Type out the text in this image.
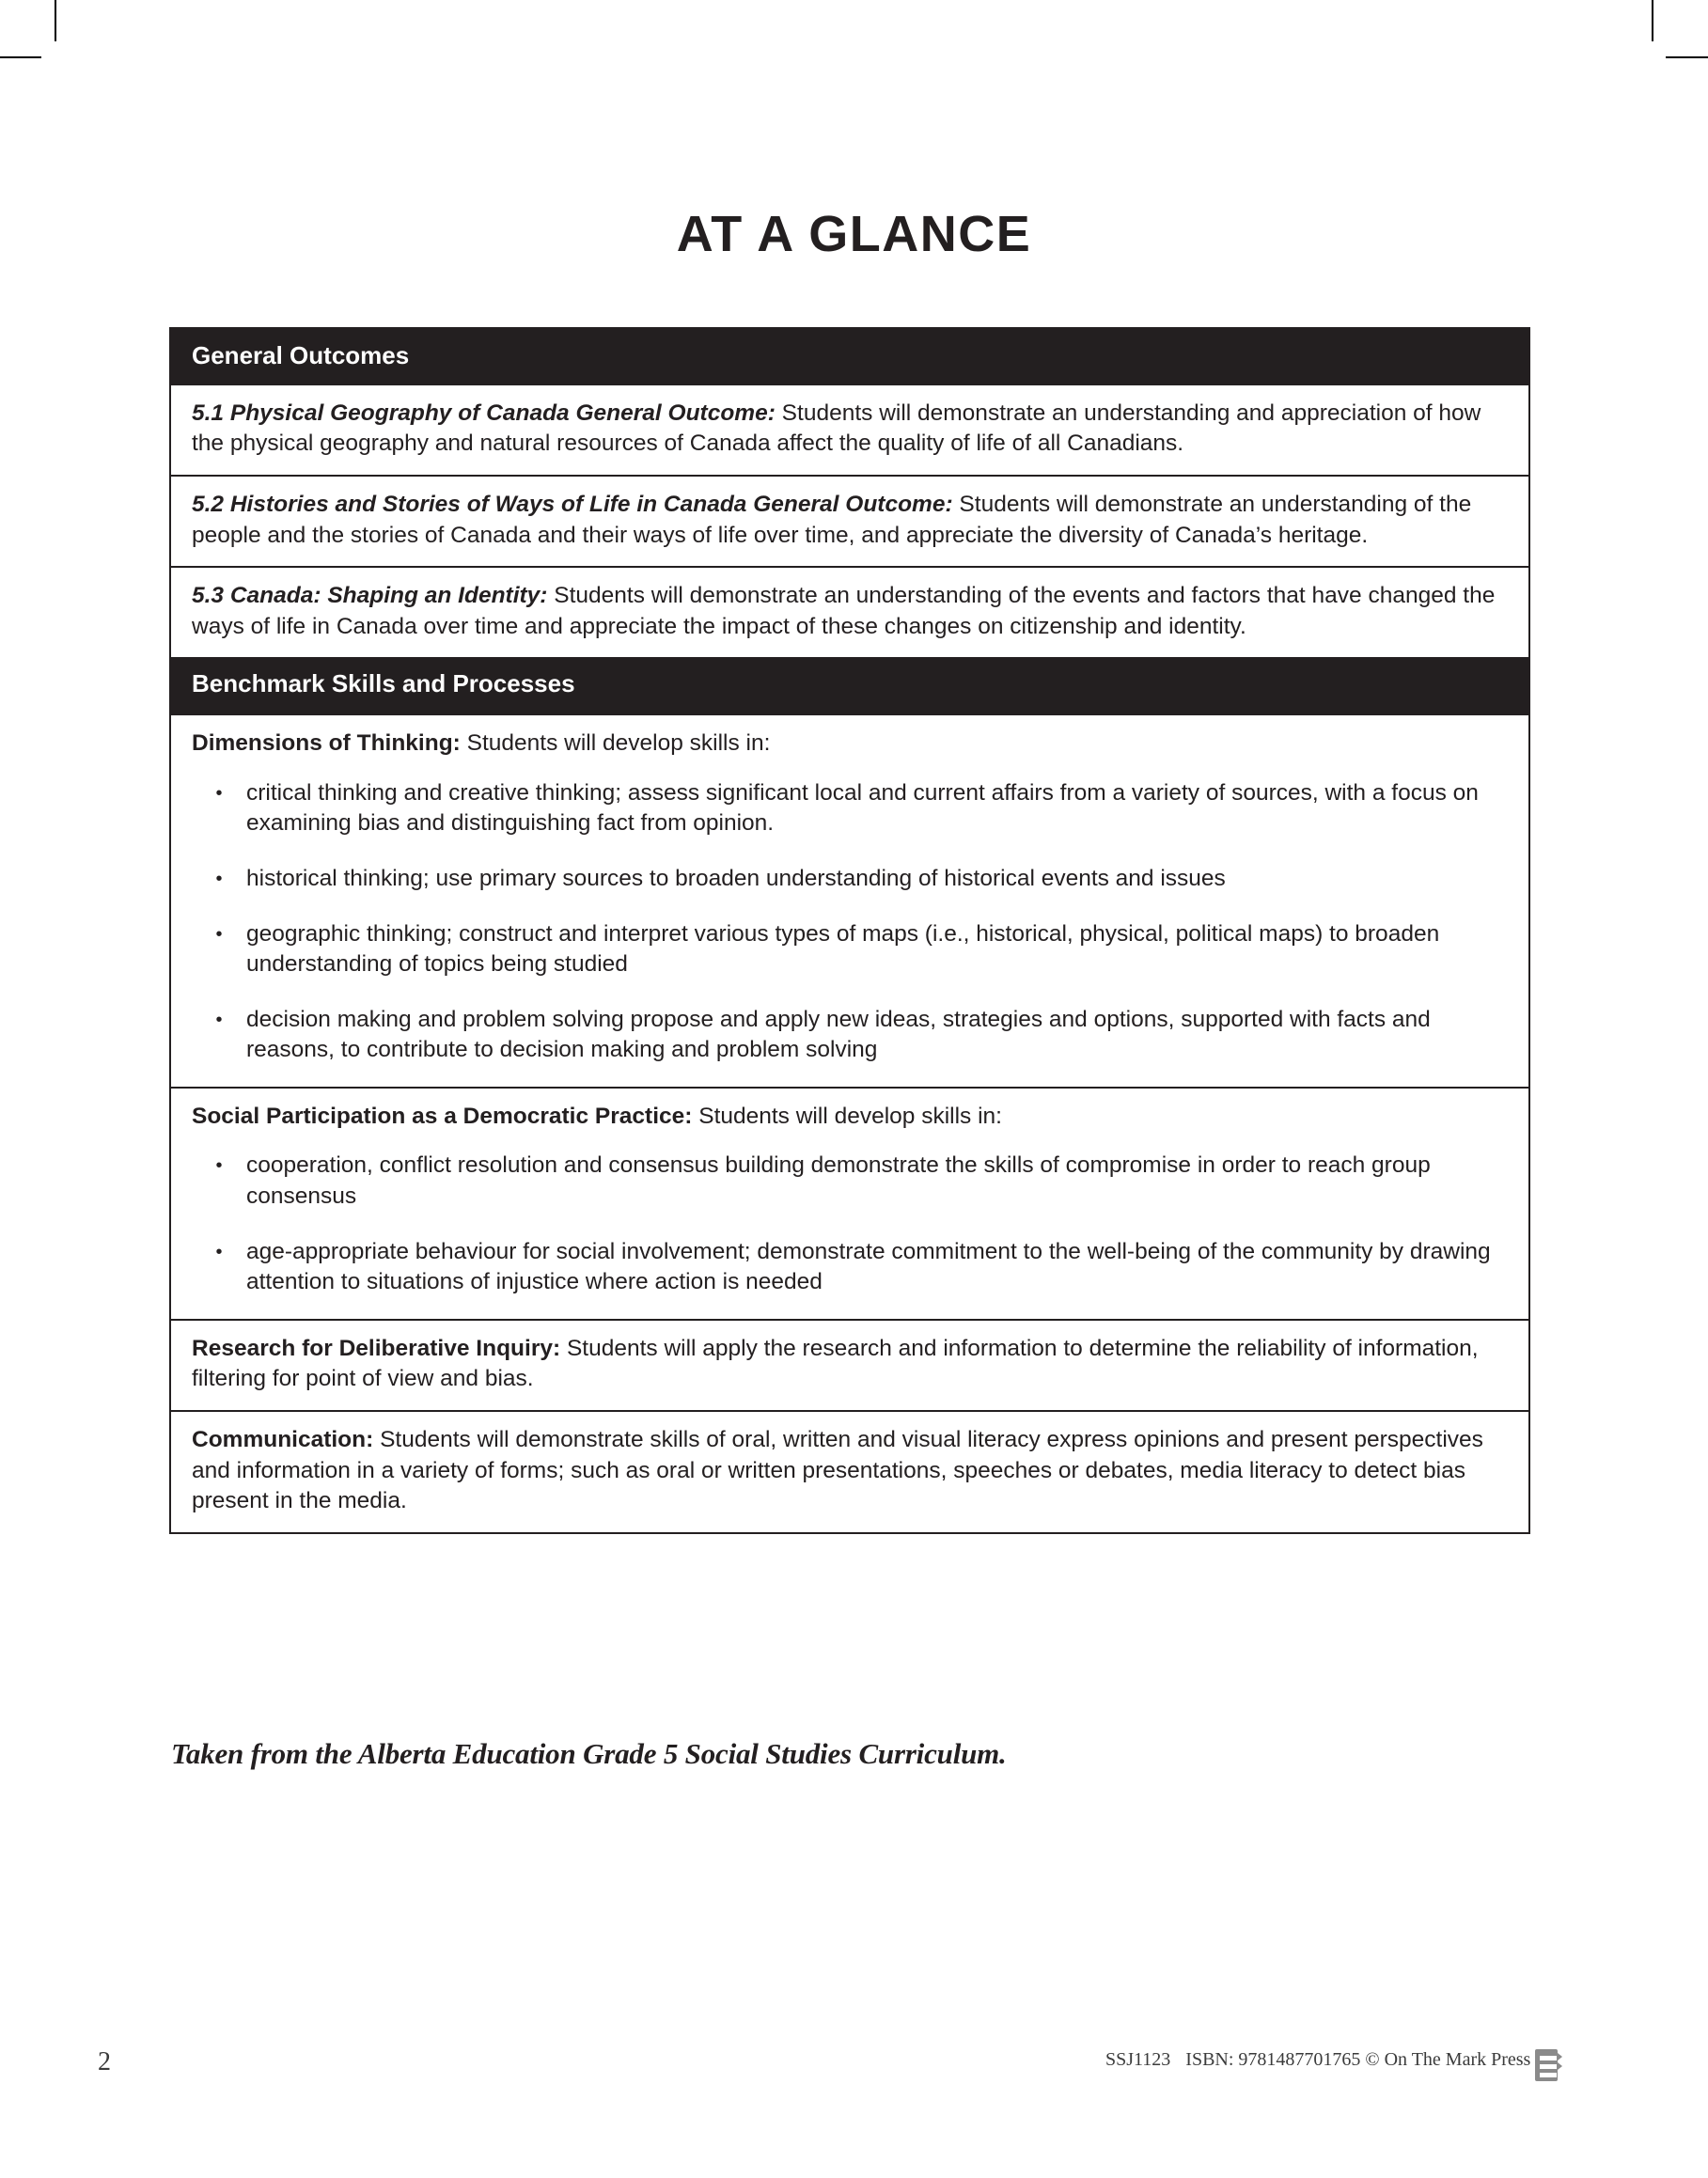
AT A GLANCE
General Outcomes

5.1 Physical Geography of Canada General Outcome: Students will demonstrate an understanding and appreciation of how the physical geography and natural resources of Canada affect the quality of life of all Canadians.

5.2 Histories and Stories of Ways of Life in Canada General Outcome: Students will demonstrate an understanding of the people and the stories of Canada and their ways of life over time, and appreciate the diversity of Canada’s heritage.

5.3 Canada: Shaping an Identity: Students will demonstrate an understanding of the events and factors that have changed the ways of life in Canada over time and appreciate the impact of these changes on citizenship and identity.

Benchmark Skills and Processes

Dimensions of Thinking: Students will develop skills in:

•	critical thinking and creative thinking; assess significant local and current affairs from a variety of sources, with a focus on examining bias and distinguishing fact from opinion.
•	historical thinking; use primary sources to broaden understanding of historical events and issues
•	geographic thinking; construct and interpret various types of maps (i.e., historical, physical, political maps) to broaden understanding of topics being studied
•	decision making and problem solving propose and apply new ideas, strategies and options, supported with facts and reasons, to contribute to decision making and problem solving

Social Participation as a Democratic Practice: Students will develop skills in:

•	cooperation, conflict resolution and consensus building demonstrate the skills of compromise in order to reach group consensus
•	age-appropriate behaviour for social involvement; demonstrate commitment to the well-being of the community by drawing attention to situations of injustice where action is needed

Research for Deliberative Inquiry: Students will apply the research and information to determine the reliability of information, filtering for point of view and bias.

Communication: Students will demonstrate skills of oral, written and visual literacy express opinions and present perspectives and information in a variety of forms; such as oral or written presentations, speeches or debates, media literacy to detect bias present in the media.

Taken from the Alberta Education Grade 5 Social Studies Curriculum.
2	SSJ1123 ISBN: 9781487701765 © On The Mark Press
